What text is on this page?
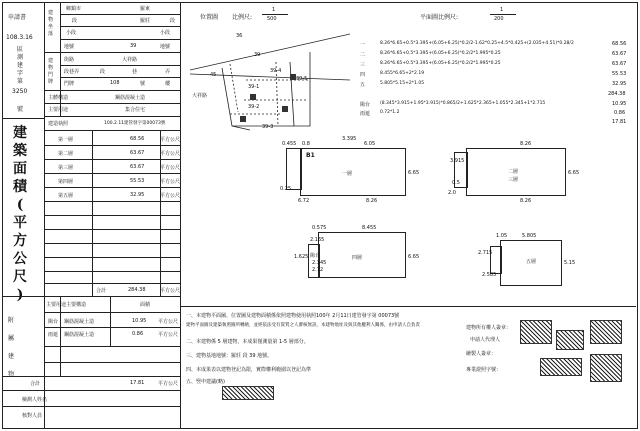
申請書
108.3.16
區測建字第
3250
號
建
築
面
積
(
平
方
公
尺
)
附屬建物
建物坐落
鄉鎮市	羅東
段	羅莊	段
小段	小段
地號	39	地號
建物門牌
街路	大祥路
段巷弄	段	巷	弄
門牌	108	號	樓
主體構造	鋼筋混凝土造
主要用途	集合住宅
建造執照	100.2.11建管發字第00073號
第一層	68.56	平方公尺
第二層	63.67	平方公尺
第三層	63.67	平方公尺
第四層	55.53	平方公尺
第五層	32.95	平方公尺
合計	284.38	平方公尺
主要用途 主要構造	面積
陽台 鋼筋混凝土造	10.95 平方公尺
雨遮 鋼筋混凝土造	0.86	平方公尺
合計	17.81	平方公尺
檢測人姓名
核對人員
位置圖 比例尺:
1
500
36
39
39-4
39-5
39-1
39-2
39-3
45
大祥路
平面圖比例尺:
1
200
一	8.26*6.65+0.5*3.395+(6.05+6.25)*0.2/2-1.62*0.25+4.5*0.425+(2.035+4.51)*0.28/2	68.56
二	8.26*6.65+0.5*3.395+(6.05+6.25)*0.2/2*1.995*0.25	63.67
三	8.26*6.65+0.5*3.395+(6.05+6.25)*0.2/2*1.995*0.25	63.67
四	8.455*6.65+2*2.19	55.53
五	5.805*5.15+2*1.05	32.95
284.38
陽台 (8.345*3.915+1.95*3.915)*0.865/2+1.625*2.365+1.055*2.345+1*2.715	10.95
雨遮 0.72*1.2	0.86
17.81
B1
一層
0.455 0.8
3.395
6.05
6.65
6.72	8.26
0.25
二層
三層
3.915
8.26
6.65
0.5
2.0
8.26
陽台	四層
0.575	8.455
2.165
1.625
2.345
2.72
6.65
五層
1.05	5.805
2.715
5.15
2.585
一、本建物平面圖、位置圖及建物面積係依照建物使用執照100年 2月11日建管發字第 00073號
建物平面圖及建築執照圖所轉繪，並經依法受有資質之人審核無誤，本建物地址及與其他權利人關係，由申請人自負責
二、本建物係 5 層建物，本成果僅測量第 1-5 層部分。
三、建物基地地號：羅莊 段 39 地號。
四、本成果表以建物登記為限，實際權利範圍以登記為準
五、竪申建議(略)
建物所有權人簽章：
申請人代理人
繪製人簽章：
專業證照字號：
